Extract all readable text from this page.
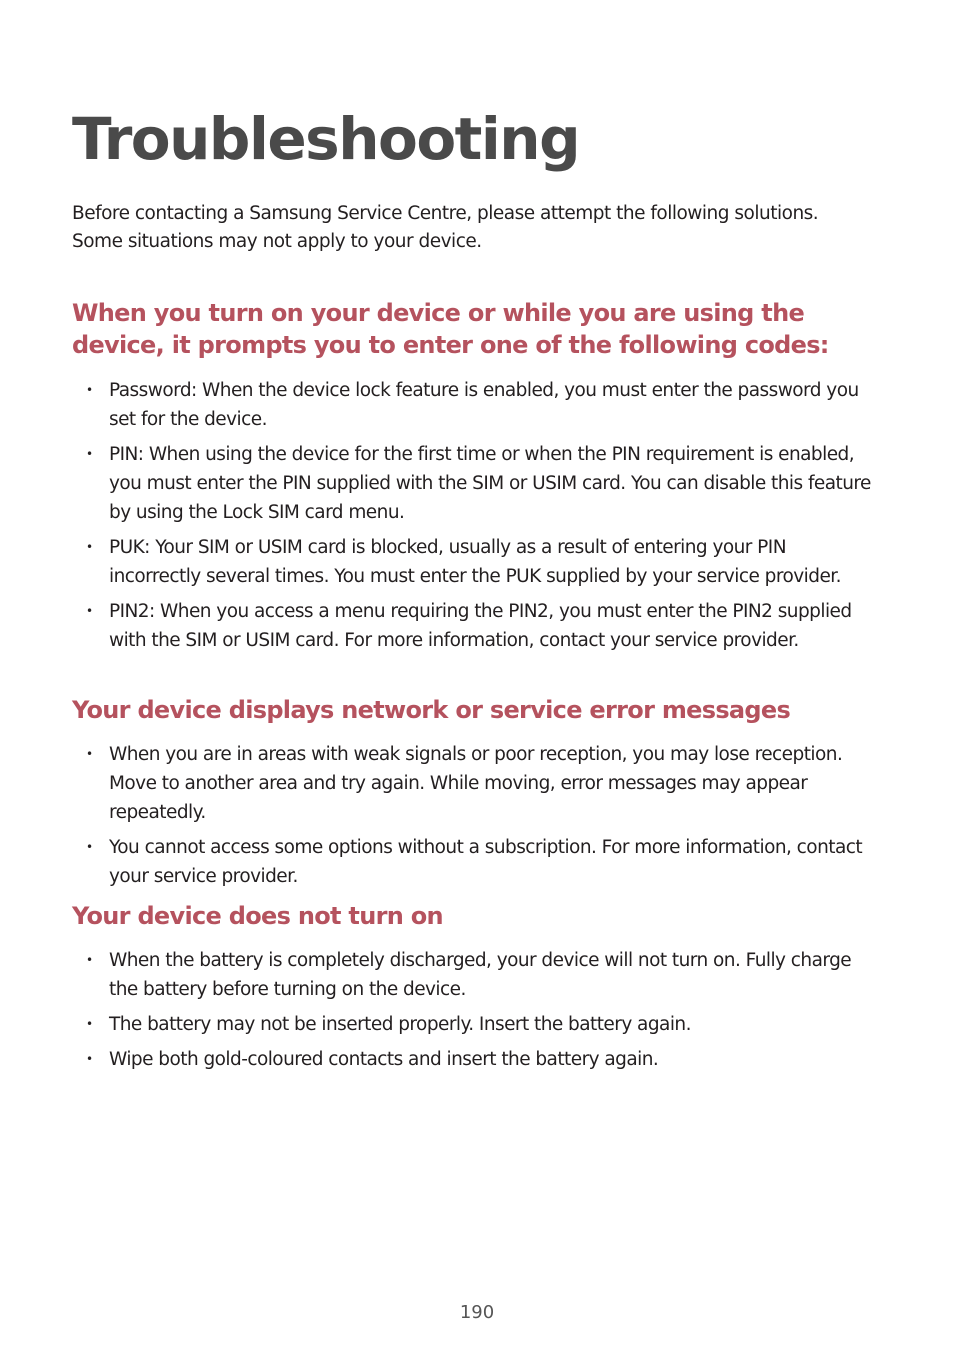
Troubleshooting

Before contacting a Samsung Service Centre, please attempt the following solutions. Some situations may not apply to your device.

When you turn on your device or while you are using the device, it prompts you to enter one of the following codes:
• Password: When the device lock feature is enabled, you must enter the password you set for the device.
• PIN: When using the device for the first time or when the PIN requirement is enabled, you must enter the PIN supplied with the SIM or USIM card. You can disable this feature by using the Lock SIM card menu.
• PUK: Your SIM or USIM card is blocked, usually as a result of entering your PIN incorrectly several times. You must enter the PUK supplied by your service provider.
• PIN2: When you access a menu requiring the PIN2, you must enter the PIN2 supplied with the SIM or USIM card. For more information, contact your service provider.
Your device displays network or service error messages
• When you are in areas with weak signals or poor reception, you may lose reception. Move to another area and try again. While moving, error messages may appear repeatedly.
• You cannot access some options without a subscription. For more information, contact your service provider.
Your device does not turn on
• When the battery is completely discharged, your device will not turn on. Fully charge the battery before turning on the device.
• The battery may not be inserted properly. Insert the battery again.
• Wipe both gold-coloured contacts and insert the battery again.
190
